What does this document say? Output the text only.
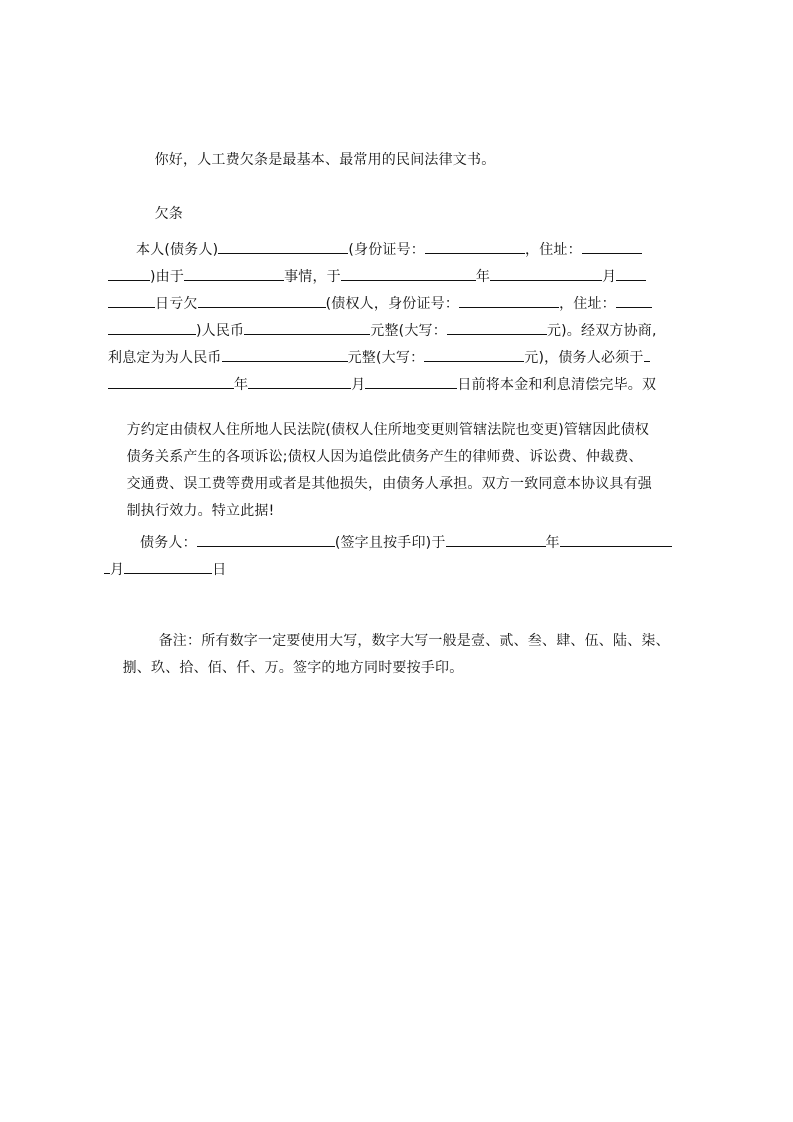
你好，人工费欠条是最基本、最常用的民间法律文书。

欠条

本人(债务人)	(身份证号：	，住址：
)由于	事情，于	年	月
日亏欠	(债权人，身份证号：	，住址：
)人民币	元整(大写：	元)。经双方协商,
利息定为为人民币	元整(大写：	元)，债务人必须于
年	月	日前将本金和利息清偿完毕。双

方约定由债权人住所地人民法院(债权人住所地变更则管辖法院也变更)管辖因此债权

债务关系产生的各项诉讼;债权人因为追偿此债务产生的律师费、诉讼费、仲裁费、

交通费、误工费等费用或者是其他损失，由债务人承担。双方一致同意本协议具有强

制执行效力。特立此据!

债务人：	(签字且按手印)于	年
月	日

备注：所有数字一定要使用大写，数字大写一般是壹、贰、叁、肆、伍、陆、柒、

捌、玖、拾、佰、仟、万。签字的地方同时要按手印。
